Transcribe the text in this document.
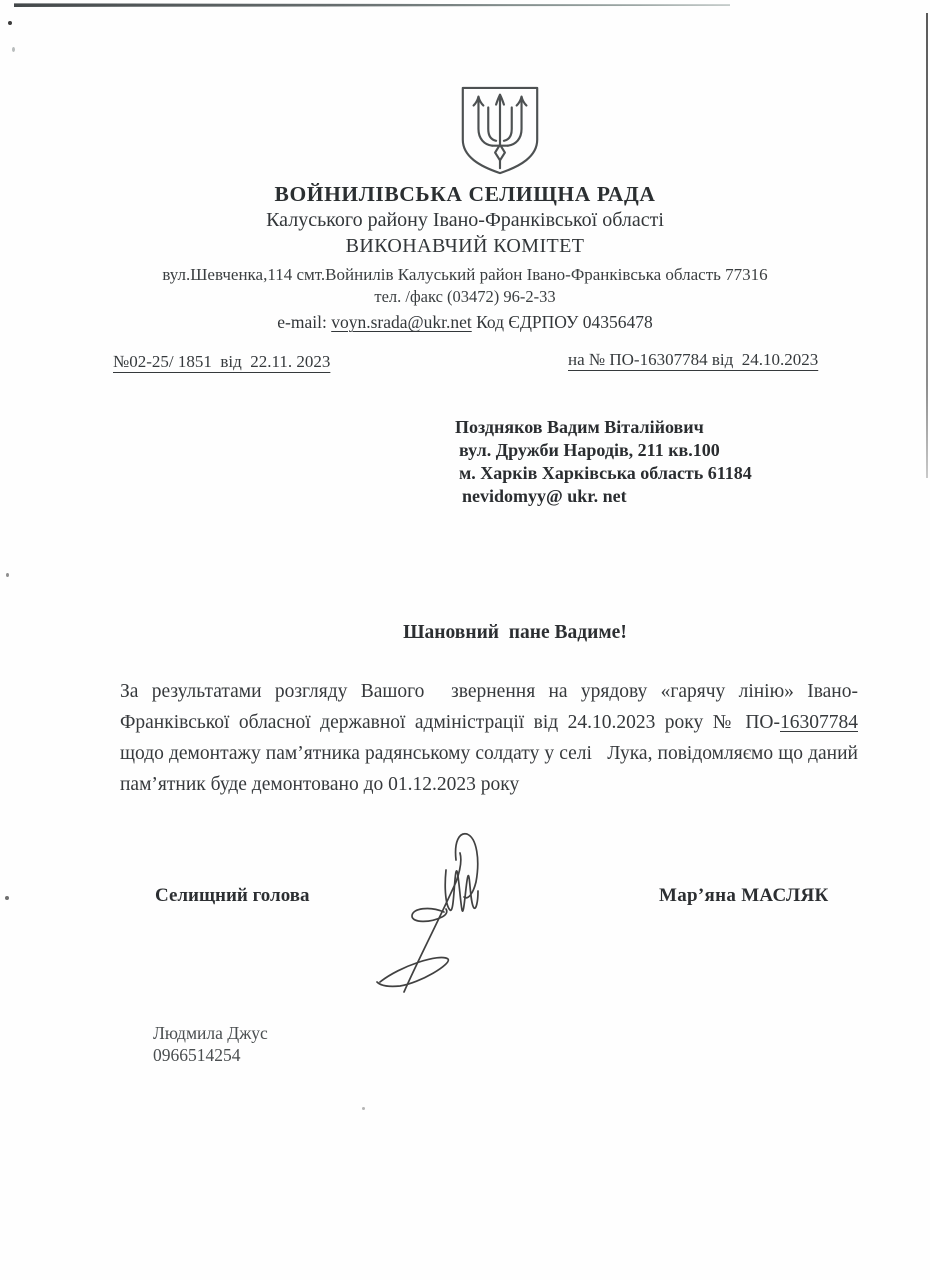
ВОЙНИЛІВСЬКА СЕЛИЩНА РАДА
Калуського району Івано-Франківської області
ВИКОНАВЧИЙ КОМІТЕТ
вул.Шевченка,114 смт.Войнилів Калуський район Івано-Франківська область 77316
тел. /факс (03472) 96-2-33
e-mail: voyn.srada@ukr.net Код ЄДРПОУ 04356478
№02-25/ 1851  від  22.11. 2023	на № ПО-16307784 від  24.10.2023
Поздняков Вадим Віталійович
вул. Дружби Народів, 211 кв.100
м. Харків Харківська область 61184
nevidomyy@ ukr. net
Шановний  пане Вадиме!
За результатами розгляду Вашого  звернення на урядову «гарячу лінію» Івано-Франківської обласної державної адміністрації від 24.10.2023 року № ПО-16307784 щодо демонтажу пам’ятника радянському солдату у селі   Лука, повідомляємо що даний пам’ятник буде демонтовано до 01.12.2023 року
Селищний голова	Мар’яна МАСЛЯК
Людмила Джус
0966514254
